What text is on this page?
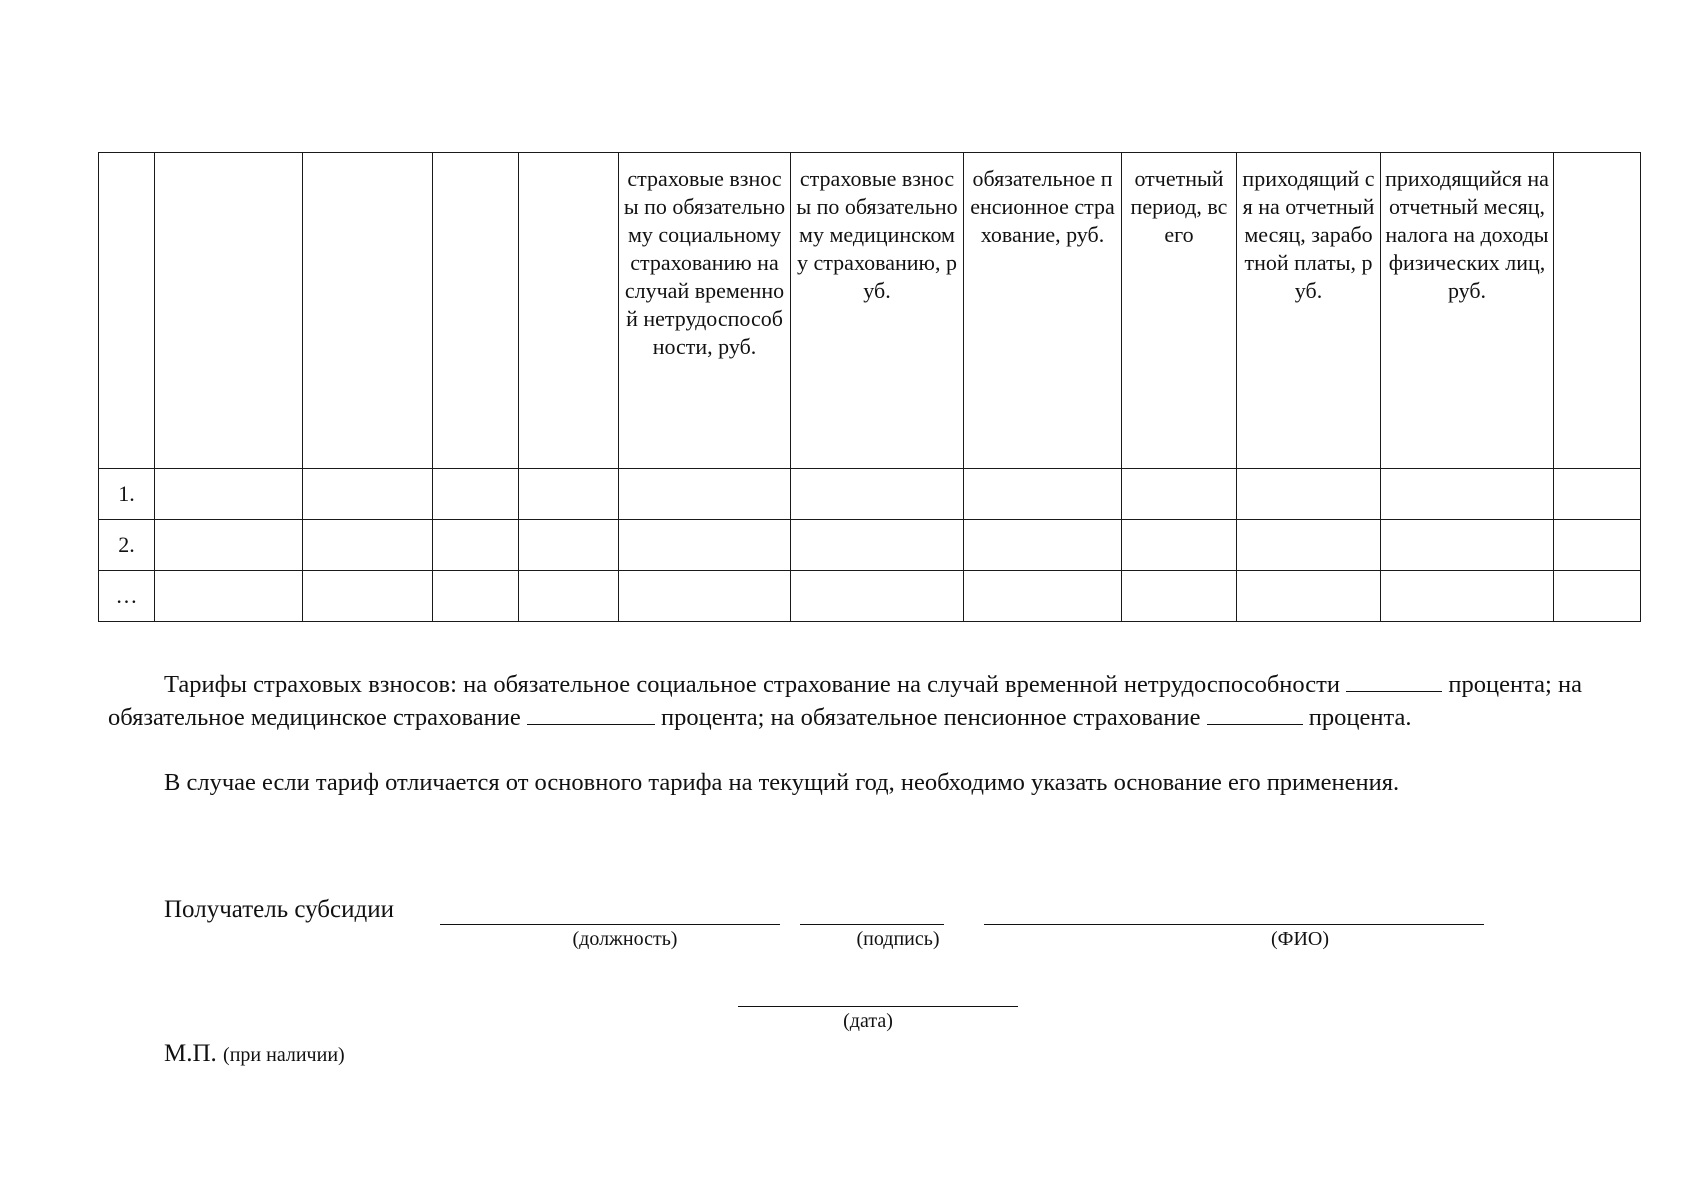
					страховые взносы по обязательному социальному страхованию на случай временной нетрудоспособ ности, руб.	страховые взносы по обязательному медицинскому страхованию, руб.	обязательное пенсионное страхование, руб.	отчетный период, всего	приходящий ся на отчетный месяц, заработной платы, руб.	приходящийся на отчетный месяц, налога на доходы физических лиц, руб.	

1.											
2.											
…											

Тарифы страховых взносов: на обязательное социальное страхование на случай временной нетрудоспособности	процента; на обязательное медицинское страхование	процента; на обязательное пенсионное страхование	процента.

В случае если тариф отличается от основного тарифа на текущий год, необходимо указать основание его применения.

Получатель субсидии
(должность)	(подпись)	(ФИО)
(дата)
М.П. (при наличии)
